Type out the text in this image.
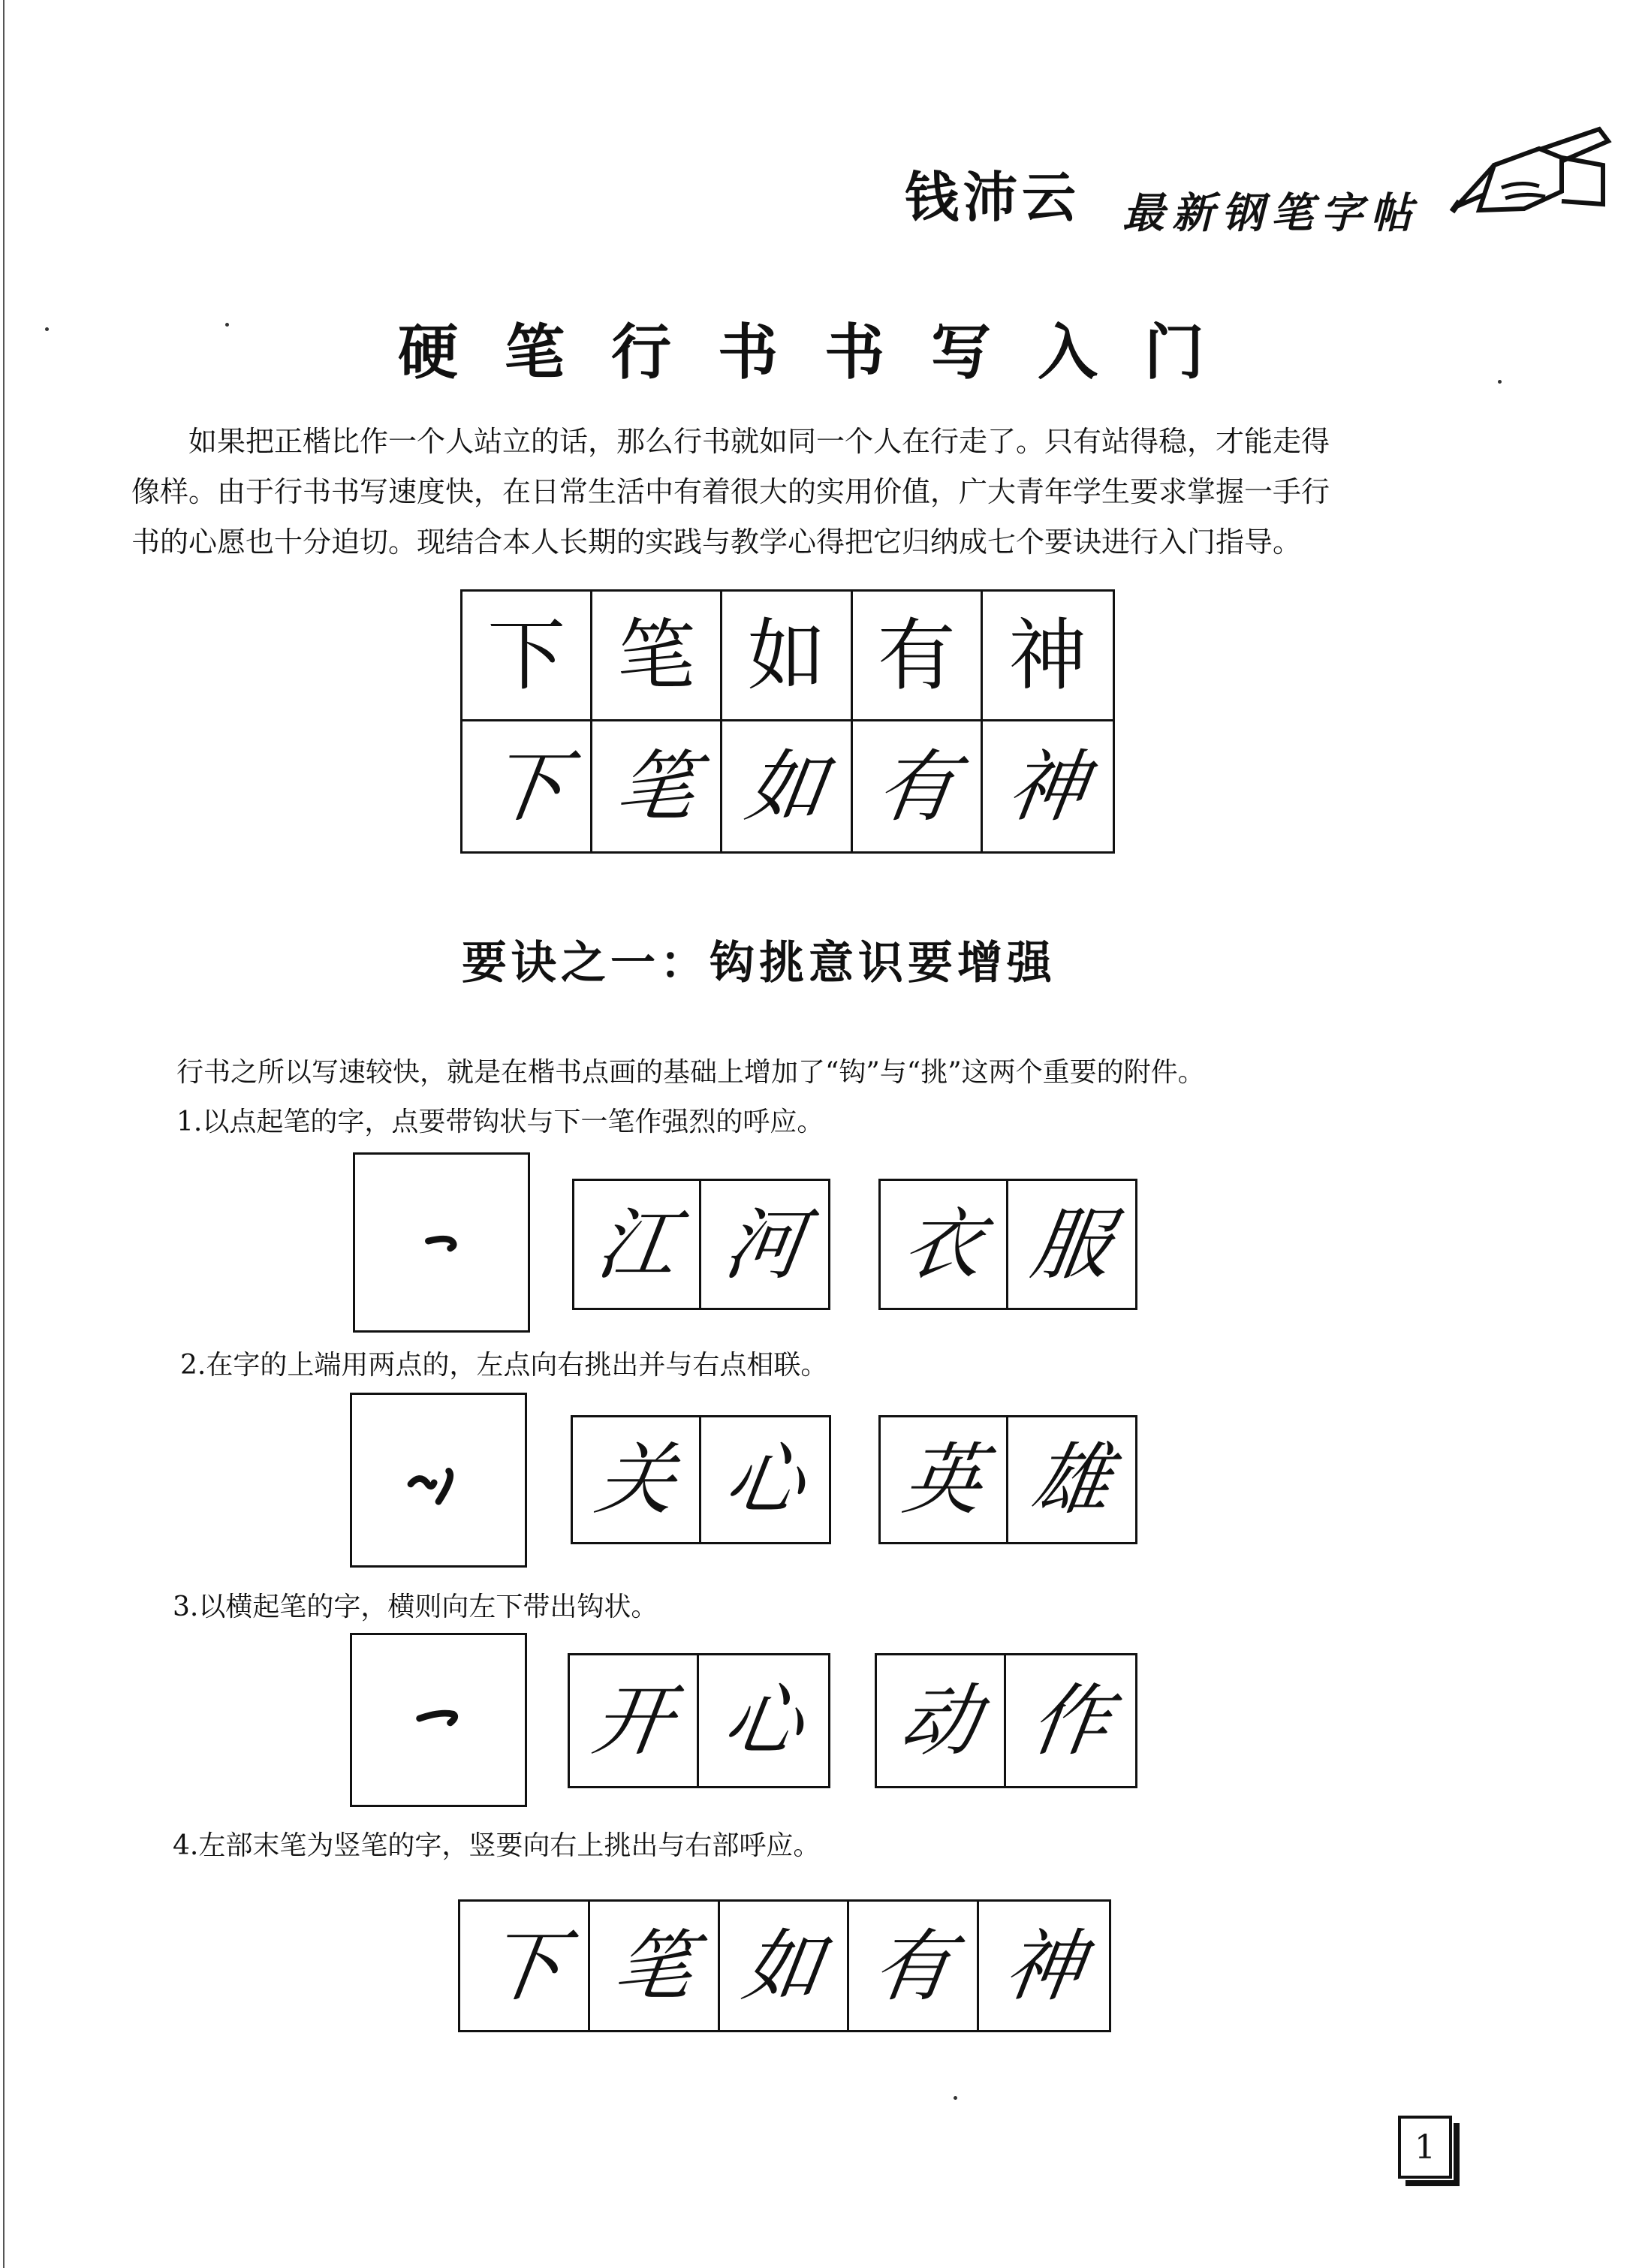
钱沛云 最新钢笔字帖
硬笔行书书写入门

如果把正楷比作一个人站立的话，那么行书就如同一个人在行走了。只有站得稳，才能走得

像样。由于行书书写速度快，在日常生活中有着很大的实用价值，广大青年学生要求掌握一手行

书的心愿也十分迫切。现结合本人长期的实践与教学心得把它归纳成七个要诀进行入门指导。

下 笔 如 有 神
下 笔 如 有 神
要诀之一：钩挑意识要增强
行书之所以写速较快，就是在楷书点画的基础上增加了“钩”与“挑”这两个重要的附件。
1.以点起笔的字，点要带钩状与下一笔作强烈的呼应。
江 河 衣 服
2.在字的上端用两点的，左点向右挑出并与右点相联。
关 心 英 雄
3.以横起笔的字，横则向左下带出钩状。
开 心 动 作
4.左部末笔为竖笔的字，竖要向右上挑出与右部呼应。
下 笔 如 有 神
1
